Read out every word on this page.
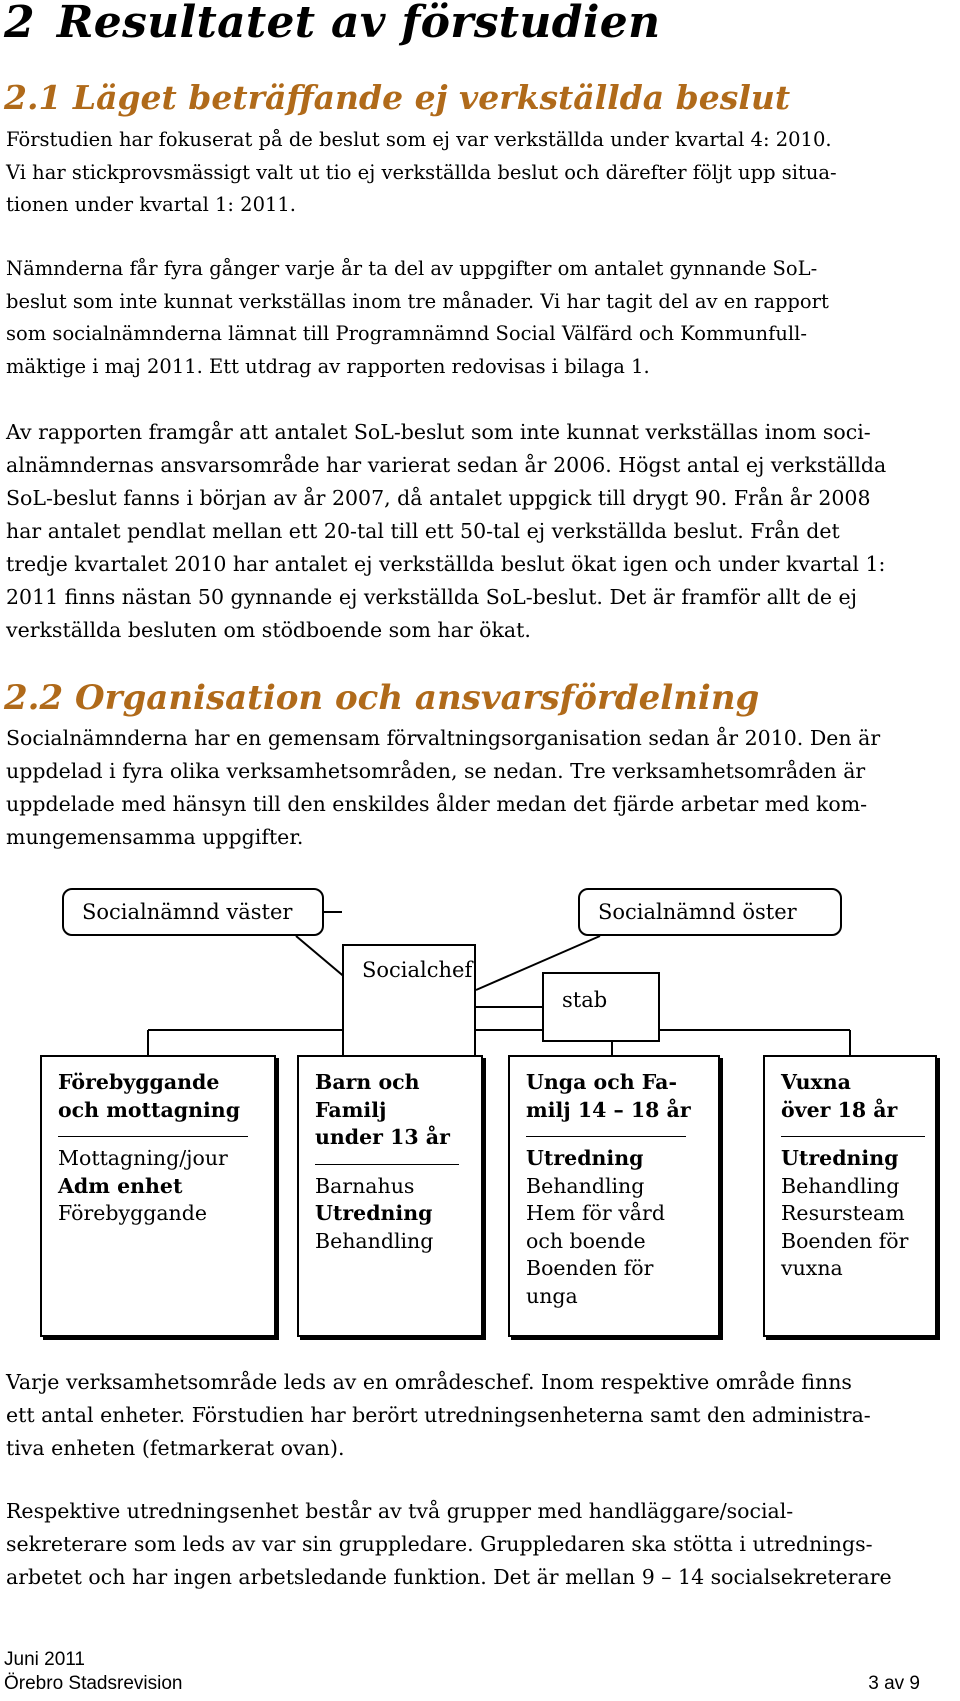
2 Resultatet av förstudien
2.1 Läget beträffande ej verkställda beslut
Förstudien har fokuserat på de beslut som ej var verkställda under kvartal 4: 2010.
Vi har stickprovsmässigt valt ut tio ej verkställda beslut och därefter följt upp situa-
tionen under kvartal 1: 2011.
Nämnderna får fyra gånger varje år ta del av uppgifter om antalet gynnande SoL-
beslut som inte kunnat verkställas inom tre månader. Vi har tagit del av en rapport
som socialnämnderna lämnat till Programnämnd Social Välfärd och Kommunfull-
mäktige i maj 2011. Ett utdrag av rapporten redovisas i bilaga 1.
Av rapporten framgår att antalet SoL-beslut som inte kunnat verkställas inom soci-
alnämndernas ansvarsområde har varierat sedan år 2006. Högst antal ej verkställda
SoL-beslut fanns i början av år 2007, då antalet uppgick till drygt 90. Från år 2008
har antalet pendlat mellan ett 20-tal till ett 50-tal ej verkställda beslut. Från det
tredje kvartalet 2010 har antalet ej verkställda beslut ökat igen och under kvartal 1:
2011 finns nästan 50 gynnande ej verkställda SoL-beslut. Det är framför allt de ej
verkställda besluten om stödboende som har ökat.
2.2 Organisation och ansvarsfördelning
Socialnämnderna har en gemensam förvaltningsorganisation sedan år 2010. Den är
uppdelad i fyra olika verksamhetsområden, se nedan. Tre verksamhetsområden är
uppdelade med hänsyn till den enskildes ålder medan det fjärde arbetar med kom-
mungemensamma uppgifter.
Socialnämnd väster	Socialnämnd öster
Socialchef
stab
Förebyggande
och mottagning
Mottagning/jour
Adm enhet
Förebyggande
Barn och
Familj
under 13 år
Barnahus
Utredning
Behandling
Unga och Fa-
milj 14 – 18 år
Utredning
Behandling
Hem för vård
och boende
Boenden för
unga
Vuxna
över 18 år
Utredning
Behandling
Resursteam
Boenden för
vuxna
Varje verksamhetsområde leds av en områdeschef. Inom respektive område finns
ett antal enheter. Förstudien har berört utredningsenheterna samt den administra-
tiva enheten (fetmarkerat ovan).
Respektive utredningsenhet består av två grupper med handläggare/social-
sekreterare som leds av var sin gruppledare. Gruppledaren ska stötta i utrednings-
arbetet och har ingen arbetsledande funktion. Det är mellan 9 – 14 socialsekreterare
Juni 2011
Örebro Stadsrevision	3 av 9
